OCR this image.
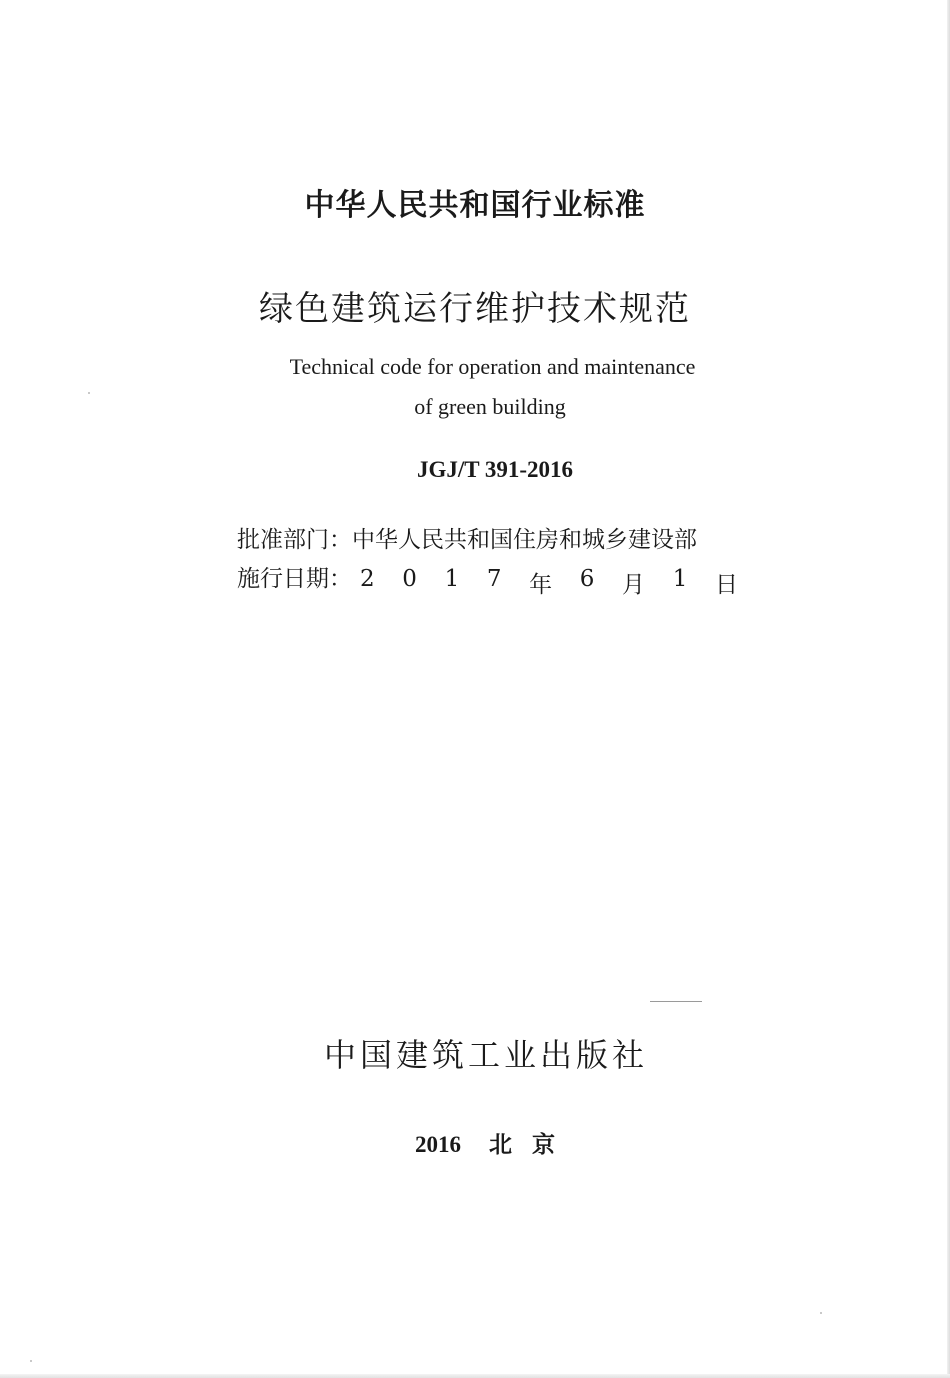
中华人民共和国行业标准
绿色建筑运行维护技术规范
Technical code for operation and maintenance
of green building
JGJ/T 391-2016
批准部门： 中华人民共和国住房和城乡建设部
施行日期： 2 0 1 7 年 6 月 1 日
中国建筑工业出版社
2016 北 京
